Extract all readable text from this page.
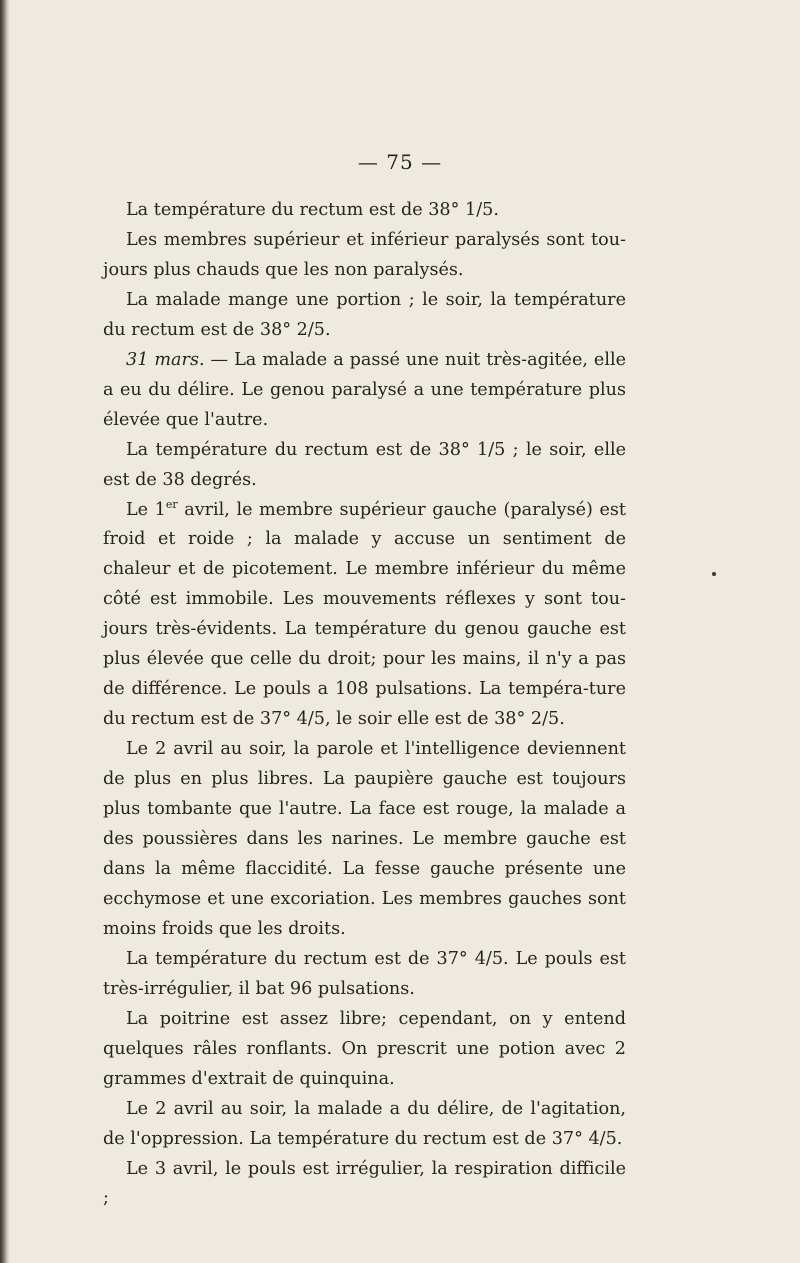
— 75 —

La température du rectum est de 38° 1/5.

Les membres supérieur et inférieur paralysés sont tou-jours plus chauds que les non paralysés.

La malade mange une portion ; le soir, la température du rectum est de 38° 2/5.

31 mars. — La malade a passé une nuit très-agitée, elle a eu du délire. Le genou paralysé a une température plus élevée que l'autre.

La température du rectum est de 38° 1/5 ; le soir, elle est de 38 degrés.

Le 1er avril, le membre supérieur gauche (paralysé) est froid et roide ; la malade y accuse un sentiment de chaleur et de picotement. Le membre inférieur du même côté est immobile. Les mouvements réflexes y sont tou-jours très-évidents. La température du genou gauche est plus élevée que celle du droit; pour les mains, il n'y a pas de différence. Le pouls a 108 pulsations. La tempéra-ture du rectum est de 37° 4/5, le soir elle est de 38° 2/5.

Le 2 avril au soir, la parole et l'intelligence deviennent de plus en plus libres. La paupière gauche est toujours plus tombante que l'autre. La face est rouge, la malade a des poussières dans les narines. Le membre gauche est dans la même flaccidité. La fesse gauche présente une ecchymose et une excoriation. Les membres gauches sont moins froids que les droits.

La température du rectum est de 37° 4/5. Le pouls est très-irrégulier, il bat 96 pulsations.

La poitrine est assez libre; cependant, on y entend quelques râles ronflants. On prescrit une potion avec 2 grammes d'extrait de quinquina.

Le 2 avril au soir, la malade a du délire, de l'agitation, de l'oppression. La température du rectum est de 37° 4/5.

Le 3 avril, le pouls est irrégulier, la respiration difficile ;
